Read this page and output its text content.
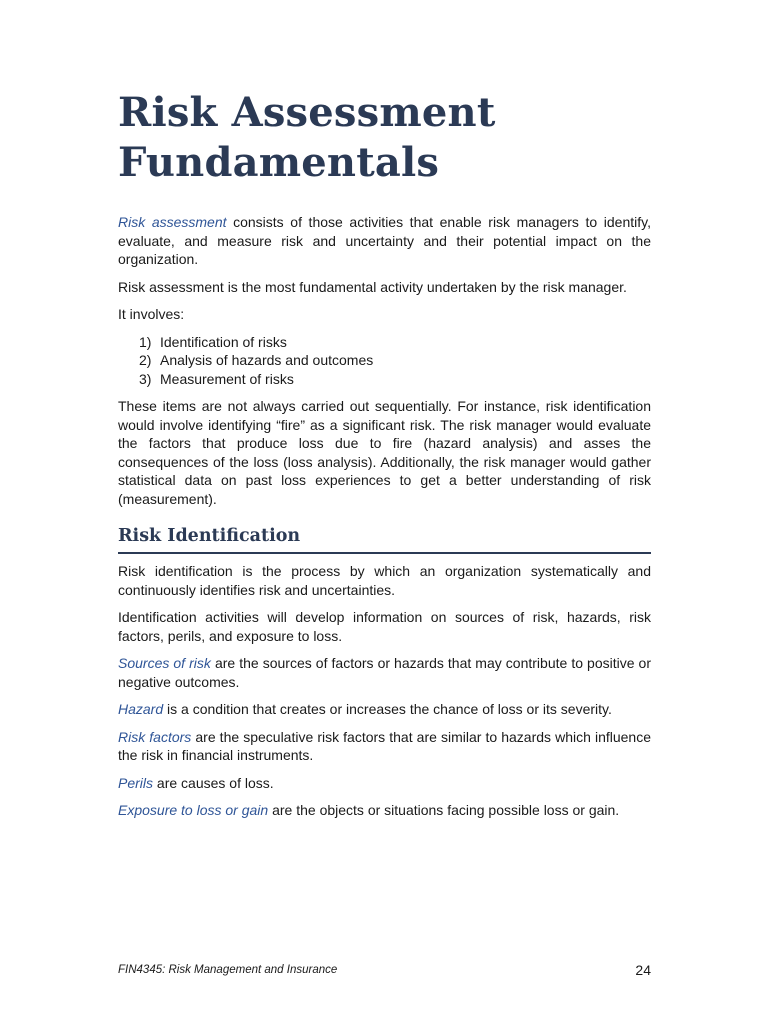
Risk Assessment
Fundamentals

Risk assessment consists of those activities that enable risk managers to identify, evaluate, and measure risk and uncertainty and their potential impact on the organization.

Risk assessment is the most fundamental activity undertaken by the risk manager.

It involves:

1) Identification of risks
2) Analysis of hazards and outcomes
3) Measurement of risks

These items are not always carried out sequentially. For instance, risk identification would involve identifying “fire” as a significant risk. The risk manager would evaluate the factors that produce loss due to fire (hazard analysis) and asses the consequences of the loss (loss analysis). Additionally, the risk manager would gather statistical data on past loss experiences to get a better understanding of risk (measurement).

Risk Identification

Risk identification is the process by which an organization systematically and continuously identifies risk and uncertainties.

Identification activities will develop information on sources of risk, hazards, risk factors, perils, and exposure to loss.

Sources of risk are the sources of factors or hazards that may contribute to positive or negative outcomes.

Hazard is a condition that creates or increases the chance of loss or its severity.

Risk factors are the speculative risk factors that are similar to hazards which influence the risk in financial instruments.

Perils are causes of loss.

Exposure to loss or gain are the objects or situations facing possible loss or gain.

FIN4345: Risk Management and Insurance	24
